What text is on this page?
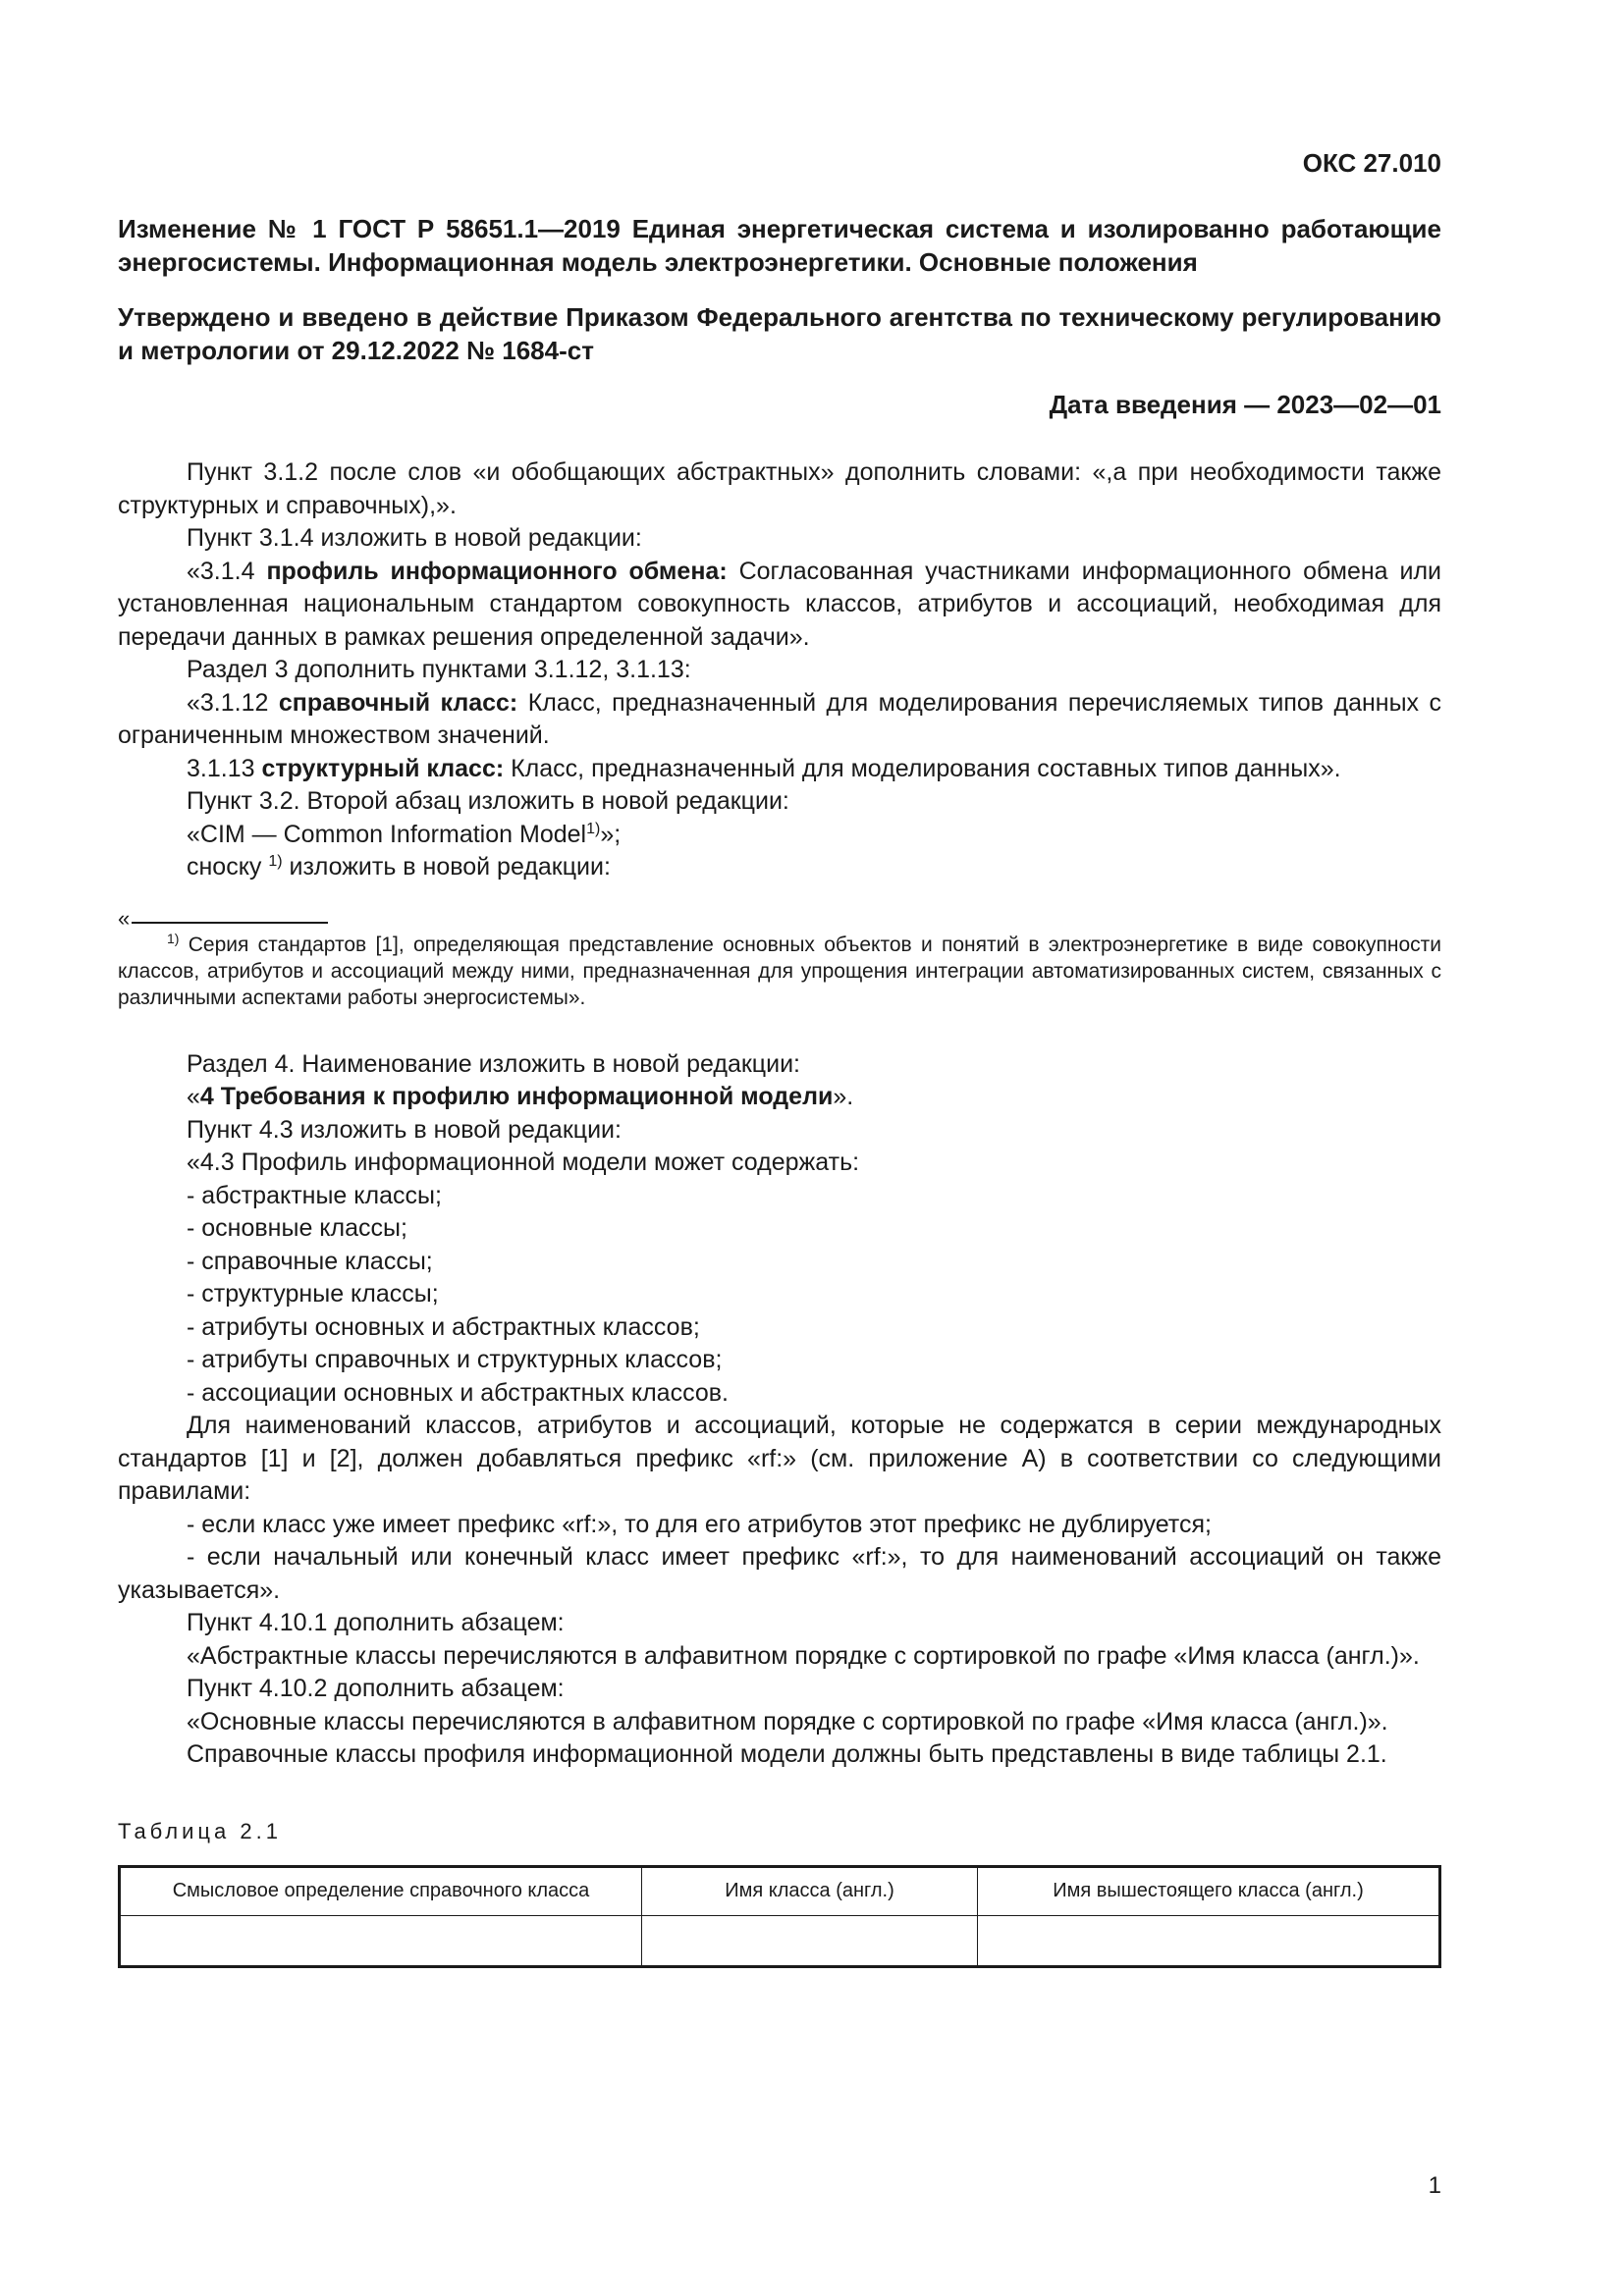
ОКС 27.010
Изменение № 1 ГОСТ Р 58651.1—2019 Единая энергетическая система и изолированно работающие энергосистемы. Информационная модель электроэнергетики. Основные положения
Утверждено и введено в действие Приказом Федерального агентства по техническому регулированию и метрологии от 29.12.2022 № 1684-ст
Дата введения — 2023—02—01

Пункт 3.1.2 после слов «и обобщающих абстрактных» дополнить словами: «,а при необходимости также структурных и справочных),».

Пункт 3.1.4 изложить в новой редакции:

«3.1.4 профиль информационного обмена: Согласованная участниками информационного обмена или установленная национальным стандартом совокупность классов, атрибутов и ассоциаций, необходимая для передачи данных в рамках решения определенной задачи».

Раздел 3 дополнить пунктами 3.1.12, 3.1.13:

«3.1.12 справочный класс: Класс, предназначенный для моделирования перечисляемых типов данных с ограниченным множеством значений.

3.1.13 структурный класс: Класс, предназначенный для моделирования составных типов данных».

Пункт 3.2. Второй абзац изложить в новой редакции:

«CIM — Common Information Model$^{1)}$»;

сноску $^{1)}$ изложить в новой редакции:

«

$^{1)}$ Серия стандартов [1], определяющая представление основных объектов и понятий в электроэнергетике в виде совокупности классов, атрибутов и ассоциаций между ними, предназначенная для упрощения интеграции автоматизированных систем, связанных с различными аспектами работы энергосистемы».

Раздел 4. Наименование изложить в новой редакции:

«4 Требования к профилю информационной модели».

Пункт 4.3 изложить в новой редакции:

«4.3 Профиль информационной модели может содержать:

- абстрактные классы;

- основные классы;

- справочные классы;

- структурные классы;

- атрибуты основных и абстрактных классов;

- атрибуты справочных и структурных классов;

- ассоциации основных и абстрактных классов.

Для наименований классов, атрибутов и ассоциаций, которые не содержатся в серии международных стандартов [1] и [2], должен добавляться префикс «rf:» (см. приложение А) в соответствии со следующими правилами:

- если класс уже имеет префикс «rf:», то для его атрибутов этот префикс не дублируется;

- если начальный или конечный класс имеет префикс «rf:», то для наименований ассоциаций он также указывается».

Пункт 4.10.1 дополнить абзацем:

«Абстрактные классы перечисляются в алфавитном порядке с сортировкой по графе «Имя класса (англ.)».

Пункт 4.10.2 дополнить абзацем:

«Основные классы перечисляются в алфавитном порядке с сортировкой по графе «Имя класса (англ.)».

Справочные классы профиля информационной модели должны быть представлены в виде таблицы 2.1.

Таблица 2.1
Смысловое определение справочного класса	Имя класса (англ.)	Имя вышестоящего класса (англ.)

1
